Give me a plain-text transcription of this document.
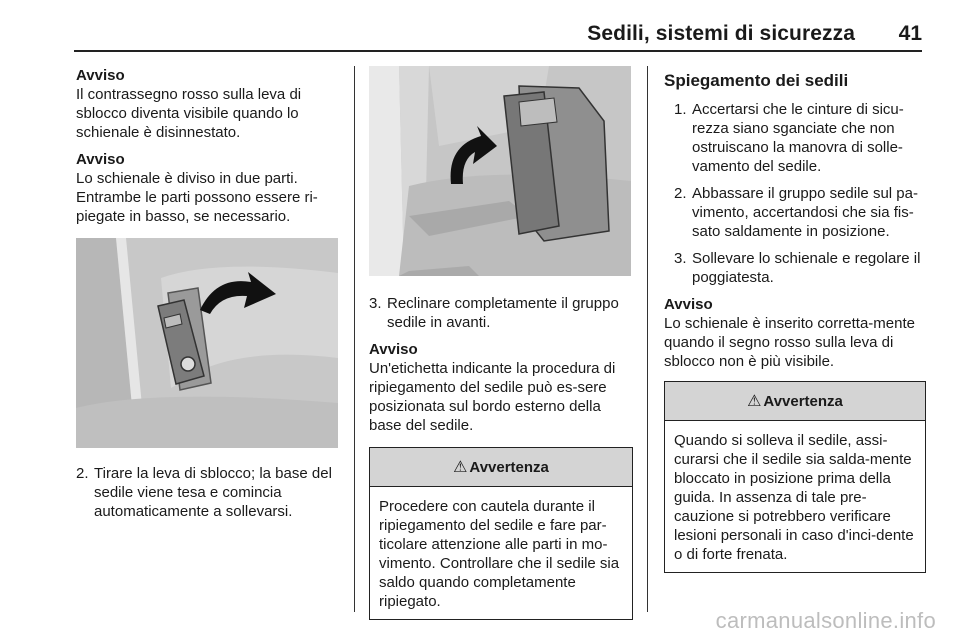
Sedili, sistemi di sicurezza 41
Avviso

Il contrassegno rosso sulla leva di sblocco diventa visibile quando lo schienale è disinnestato.

Avviso

Lo schienale è diviso in due parti. Entrambe le parti possono essere ri-piegate in basso, se necessario.

2. Tirare la leva di sblocco; la base del sedile viene tesa e comincia automaticamente a sollevarsi.
3. Reclinare completamente il gruppo sedile in avanti.
Avviso

Un'etichetta indicante la procedura di ripiegamento del sedile può es-sere posizionata sul bordo esterno della base del sedile.

⚠ Avvertenza
Procedere con cautela durante il ripiegamento del sedile e fare par-ticolare attenzione alle parti in mo-vimento. Controllare che il sedile sia saldo quando completamente ripiegato.
Spiegamento dei sedili
1. Accertarsi che le cinture di sicu-rezza siano sganciate che non ostruiscano la manovra di solle-vamento del sedile.
2. Abbassare il gruppo sedile sul pa-vimento, accertandosi che sia fis-sato saldamente in posizione.
3. Sollevare lo schienale e regolare il poggiatesta.
Avviso

Lo schienale è inserito corretta-mente quando il segno rosso sulla leva di sblocco non è più visibile.

⚠ Avvertenza
Quando si solleva il sedile, assi-curarsi che il sedile sia salda-mente bloccato in posizione prima della guida. In assenza di tale pre-cauzione si potrebbero verificare lesioni personali in caso d'inci-dente o di forte frenata.
carmanualsonline.info
